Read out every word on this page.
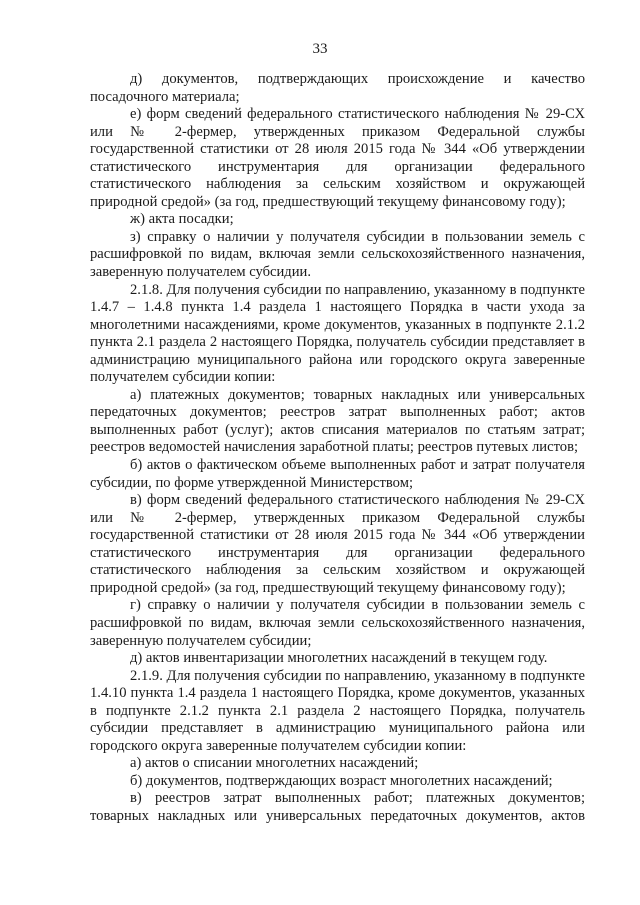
33

д) документов, подтверждающих происхождение и качество посадочного материала;

е) форм сведений федерального статистического наблюдения № 29-СХ или № 2-фермер, утвержденных приказом Федеральной службы государственной статистики от 28 июля 2015 года № 344 «Об утверждении статистического инструментария для организации федерального статистического наблюдения за сельским хозяйством и окружающей природной средой» (за год, предшествующий текущему финансовому году);

ж) акта посадки;

з) справку о наличии у получателя субсидии в пользовании земель с расшифровкой по видам, включая земли сельскохозяйственного назначения, заверенную получателем субсидии.

2.1.8. Для получения субсидии по направлению, указанному в подпункте 1.4.7 – 1.4.8 пункта 1.4 раздела 1 настоящего Порядка в части ухода за многолетними насаждениями, кроме документов, указанных в подпункте 2.1.2 пункта 2.1 раздела 2 настоящего Порядка, получатель субсидии представляет в администрацию муниципального района или городского округа заверенные получателем субсидии копии:

а) платежных документов; товарных накладных или универсальных передаточных документов; реестров затрат выполненных работ; актов выполненных работ (услуг); актов списания материалов по статьям затрат; реестров ведомостей начисления заработной платы; реестров путевых листов;

б) актов о фактическом объеме выполненных работ и затрат получателя субсидии, по форме утвержденной Министерством;

в) форм сведений федерального статистического наблюдения № 29-СХ или № 2-фермер, утвержденных приказом Федеральной службы государственной статистики от 28 июля 2015 года № 344 «Об утверждении статистического инструментария для организации федерального статистического наблюдения за сельским хозяйством и окружающей природной средой» (за год, предшествующий текущему финансовому году);

г) справку о наличии у получателя субсидии в пользовании земель с расшифровкой по видам, включая земли сельскохозяйственного назначения, заверенную получателем субсидии;

д) актов инвентаризации многолетних насаждений в текущем году.

2.1.9. Для получения субсидии по направлению, указанному в подпункте 1.4.10 пункта 1.4 раздела 1 настоящего Порядка, кроме документов, указанных в подпункте 2.1.2 пункта 2.1 раздела 2 настоящего Порядка, получатель субсидии представляет в администрацию муниципального района или городского округа заверенные получателем субсидии копии:

а) актов о списании многолетних насаждений;

б) документов, подтверждающих возраст многолетних насаждений;

в) реестров затрат выполненных работ; платежных документов; товарных накладных или универсальных передаточных документов, актов
